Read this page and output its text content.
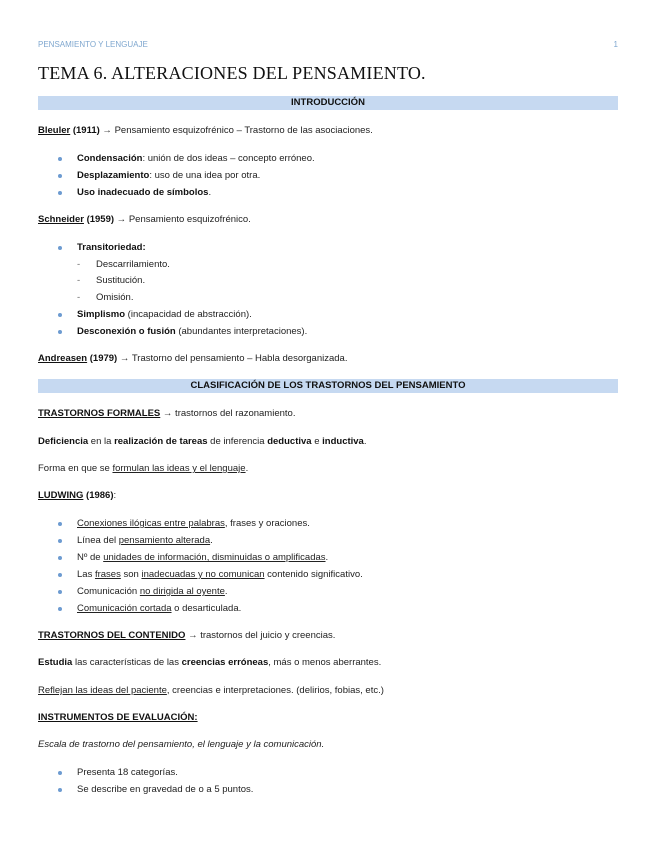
PENSAMIENTO Y LENGUAJE	1
TEMA 6. ALTERACIONES DEL PENSAMIENTO.
INTRODUCCIÓN
Bleuler (1911) → Pensamiento esquizofrénico – Trastorno de las asociaciones.
Condensación: unión de dos ideas – concepto erróneo.
Desplazamiento: uso de una idea por otra.
Uso inadecuado de símbolos.
Schneider (1959) → Pensamiento esquizofrénico.
Transitoriedad:
- Descarrilamiento.
- Sustitución.
- Omisión.
Simplismo (incapacidad de abstracción).
Desconexión o fusión (abundantes interpretaciones).
Andreasen (1979) → Trastorno del pensamiento – Habla desorganizada.
CLASIFICACIÓN DE LOS TRASTORNOS DEL PENSAMIENTO
TRASTORNOS FORMALES → trastornos del razonamiento.
Deficiencia en la realización de tareas de inferencia deductiva e inductiva.
Forma en que se formulan las ideas y el lenguaje.
LUDWING (1986):
Conexiones ilógicas entre palabras, frases y oraciones.
Línea del pensamiento alterada.
Nº de unidades de información, disminuidas o amplificadas.
Las frases son inadecuadas y no comunican contenido significativo.
Comunicación no dirigida al oyente.
Comunicación cortada o desarticulada.
TRASTORNOS DEL CONTENIDO → trastornos del juicio y creencias.
Estudia las características de las creencias erróneas, más o menos aberrantes.
Reflejan las ideas del paciente, creencias e interpretaciones. (delirios, fobias, etc.)
INSTRUMENTOS DE EVALUACIÓN:
Escala de trastorno del pensamiento, el lenguaje y la comunicación.
Presenta 18 categorías.
Se describe en gravedad de o a 5 puntos.
